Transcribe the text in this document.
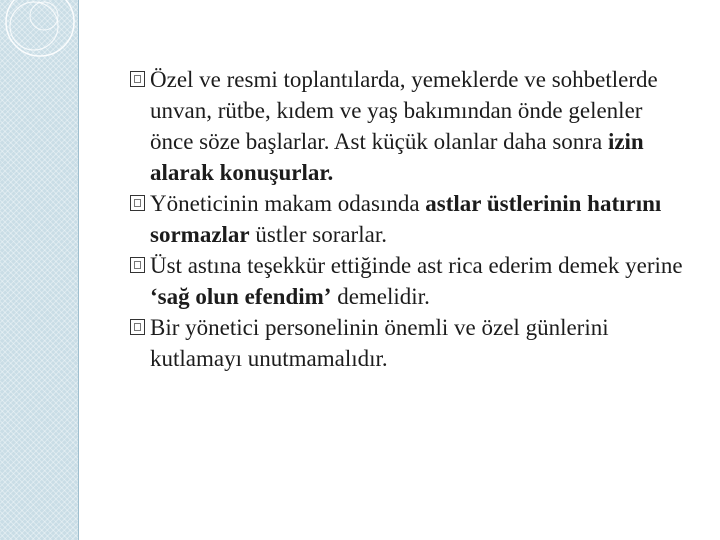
Özel ve resmi toplantılarda, yemeklerde ve sohbetlerde unvan, rütbe, kıdem ve yaş bakımından önde gelenler önce söze başlarlar. Ast küçük olanlar daha sonra izin alarak konuşurlar.

Yöneticinin makam odasında astlar üstlerinin hatırını sormazlar üstler sorarlar.

Üst astına teşekkür ettiğinde ast rica ederim demek yerine ‘sağ olun efendim’ demelidir.

Bir yönetici personelinin önemli ve özel günlerini kutlamayı unutmamalıdır.
